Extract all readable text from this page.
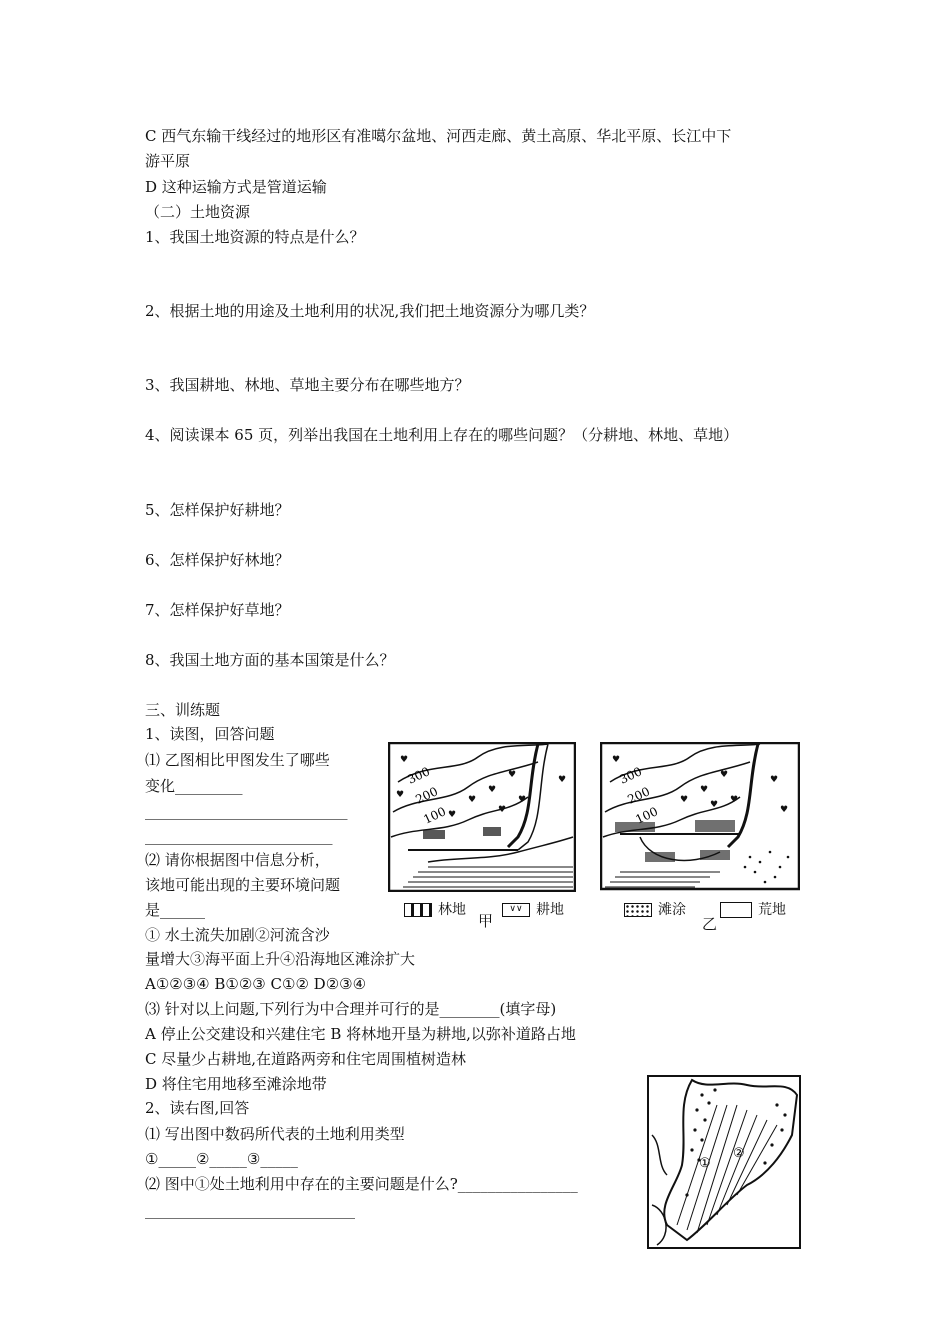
C 西气东输干线经过的地形区有准噶尔盆地、河西走廊、黄土高原、华北平原、长江中下
游平原
D 这种运输方式是管道运输
（二）土地资源
1、我国土地资源的特点是什么？
2、根据土地的用途及土地利用的状况,我们把土地资源分为哪几类？
3、我国耕地、林地、草地主要分布在哪些地方？
4、阅读课本 65 页，列举出我国在土地利用上存在的哪些问题？（分耕地、林地、草地）
5、怎样保护好耕地？
6、怎样保护好林地？
7、怎样保护好草地？
8、我国土地方面的基本国策是什么？
三、训练题
1、读图，回答问题
⑴ 乙图相比甲图发生了哪些
变化_________
___________________________
_________________________
⑵ 请你根据图中信息分析，
该地可能出现的主要环境问题
是______
① 水土流失加剧②河流含沙
量增大③海平面上升④沿海地区滩涂扩大
A①②③④ B①②③ C①② D②③④
⑶ 针对以上问题,下列行为中合理并可行的是________(填字母)
A 停止公交建设和兴建住宅 B 将林地开垦为耕地,以弥补道路占地
C 尽量少占耕地,在道路两旁和住宅周围植树造林
D 将住宅用地移至滩涂地带
2、读右图,回答
⑴ 写出图中数码所代表的土地利用类型
①_____②_____③_____
⑵ 图中①处土地利用中存在的主要问题是什么?________________
____________________________
♥
♥
♥
♥
♥
♥
♥
♥
♥
300
200
100
♥
♥
♥
♥	♥
♥
♥
♥
300
200
100
林地
甲
∨∨ 耕地	滩涂
乙
荒地
①
②
